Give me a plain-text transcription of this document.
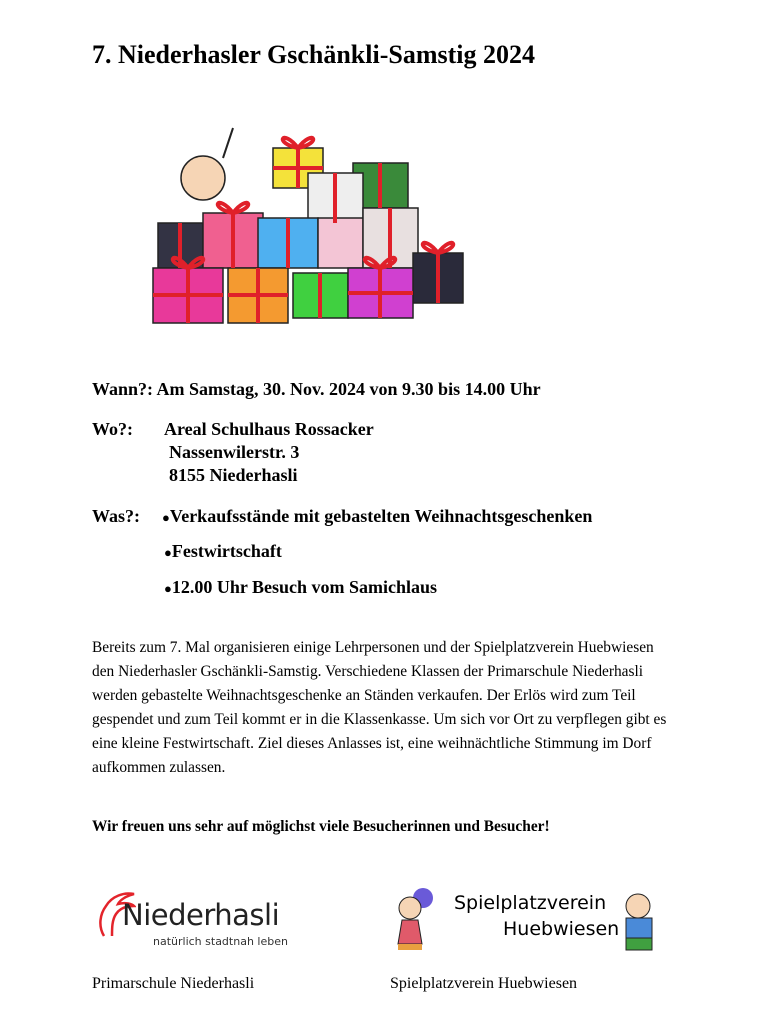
7. Niederhasler Gschänkli-Samstig 2024
Wann?: Am Samstag, 30. Nov. 2024 von 9.30 bis 14.00 Uhr
Wo?: Areal Schulhaus Rossacker
Nassenwilerstr. 3
8155 Niederhasli
Was?: ●Verkaufsstände mit gebastelten Weihnachtsgeschenken
●Festwirtschaft
●12.00 Uhr Besuch vom Samichlaus
Bereits zum 7. Mal organisieren einige Lehrpersonen und der Spielplatzverein Huebwiesen den Niederhasler Gschänkli-Samstig. Verschiedene Klassen der Primarschule Niederhasli werden gebastelte Weihnachtsgeschenke an Ständen verkaufen. Der Erlös wird zum Teil gespendet und zum Teil kommt er in die Klassenkasse. Um sich vor Ort zu verpflegen gibt es eine kleine Festwirtschaft. Ziel dieses Anlasses ist, eine weihnächtliche Stimmung im Dorf aufkommen zulassen.
Wir freuen uns sehr auf möglichst viele Besucherinnen und Besucher!
Niederhasli
natürlich stadtnah leben
Primarschule Niederhasli
Spielplatzverein
Huebwiesen
Spielplatzverein Huebwiesen
